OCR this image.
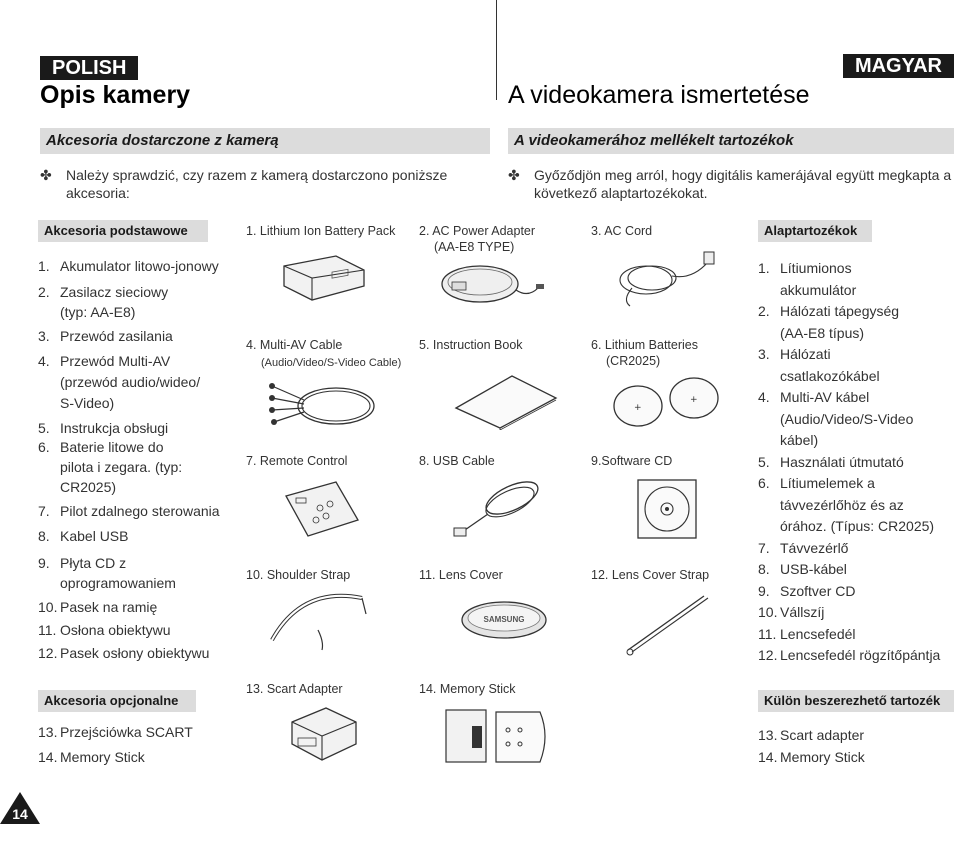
POLISH
Opis kamery
MAGYAR
A videokamera ismertetése
Akcesoria dostarczone z kamerą	A videokamerához mellékelt tartozékok
✤	Należy sprawdzić, czy razem z kamerą dostarczono poniższe akcesoria:
✤	Győződjön meg arról, hogy digitális kamerájával együtt megkapta a következő alaptartozékokat.
Akcesoria podstawowe
1. Akumulator litowo-jonowy
2. Zasilacz sieciowy (typ: AA-E8)
3. Przewód zasilania
4. Przewód Multi-AV (przewód audio/wideo/ S-Video)
5. Instrukcja obsługi
6. Baterie litowe do pilota i zegara. (typ: CR2025)
7. Pilot zdalnego sterowania
8. Kabel USB
9. Płyta CD z oprogramowaniem
10. Pasek na ramię
11. Osłona obiektywu
12. Pasek osłony obiektywu
Akcesoria opcjonalne
13. Przejściówka SCART
14. Memory Stick
Alaptartozékok
1. Lítiumionos akkumulátor
2. Hálózati tápegység (AA-E8 típus)
3. Hálózati csatlakozókábel
4. Multi-AV kábel (Audio/Video/S-Video kábel)
5. Használati útmutató
6. Lítiumelemek a távvezérlőhöz és az órához. (Típus: CR2025)
7. Távvezérlő
8. USB-kábel
9. Szoftver CD
10. Vállszíj
11. Lencsefedél
12. Lencsefedél rögzítőpántja
Külön beszerezhető tartozék
13. Scart adapter
14. Memory Stick
1. Lithium Ion Battery Pack 2. AC Power Adapter
(AA-E8 TYPE)
3. AC Cord
4. Multi-AV Cable
(Audio/Video/S-Video Cable)
5. Instruction Book	6. Lithium Batteries
(CR2025)
+
+
7. Remote Control	8. USB Cable	9.Software CD
10. Shoulder Strap	11. Lens Cover	12. Lens Cover Strap
SAMSUNG
13. Scart Adapter	14. Memory Stick
14
